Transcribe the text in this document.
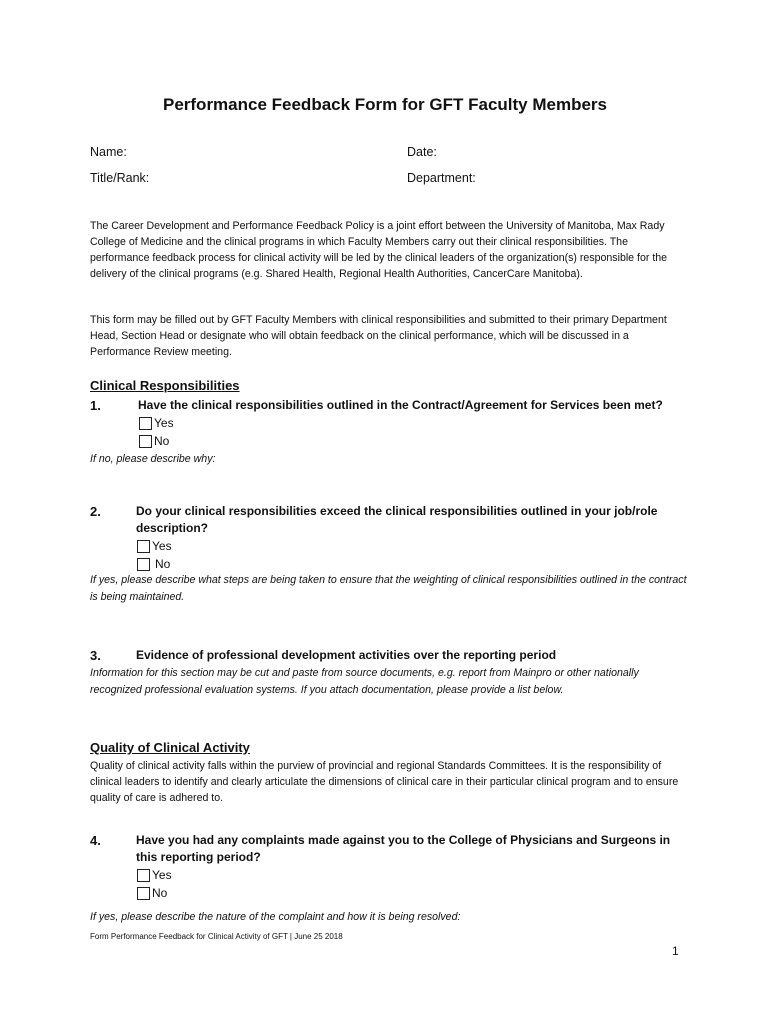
Performance Feedback Form for GFT Faculty Members
Name:	Date:
Title/Rank:	Department:
The Career Development and Performance Feedback Policy is a joint effort between the University of Manitoba, Max Rady College of Medicine and the clinical programs in which Faculty Members carry out their clinical responsibilities. The performance feedback process for clinical activity will be led by the clinical leaders of the organization(s) responsible for the delivery of the clinical programs (e.g. Shared Health, Regional Health Authorities, CancerCare Manitoba).
This form may be filled out by GFT Faculty Members with clinical responsibilities and submitted to their primary Department Head, Section Head or designate who will obtain feedback on the clinical performance, which will be discussed in a Performance Review meeting.
Clinical Responsibilities
1.	Have the clinical responsibilities outlined in the Contract/Agreement for Services been met?
Yes
No
If no, please describe why:
2.	Do your clinical responsibilities exceed the clinical responsibilities outlined in your job/role description?
Yes
No
If yes, please describe what steps are being taken to ensure that the weighting of clinical responsibilities outlined in the contract is being maintained.
3.	Evidence of professional development activities over the reporting period
Information for this section may be cut and paste from source documents, e.g. report from Mainpro or other nationally recognized professional evaluation systems. If you attach documentation, please provide a list below.
Quality of Clinical Activity
Quality of clinical activity falls within the purview of provincial and regional Standards Committees. It is the responsibility of clinical leaders to identify and clearly articulate the dimensions of clinical care in their particular clinical program and to ensure quality of care is adhered to.
4.	Have you had any complaints made against you to the College of Physicians and Surgeons in this reporting period?
Yes
No
If yes, please describe the nature of the complaint and how it is being resolved:
Form Performance Feedback for Clinical Activity of GFT | June 25 2018
1
